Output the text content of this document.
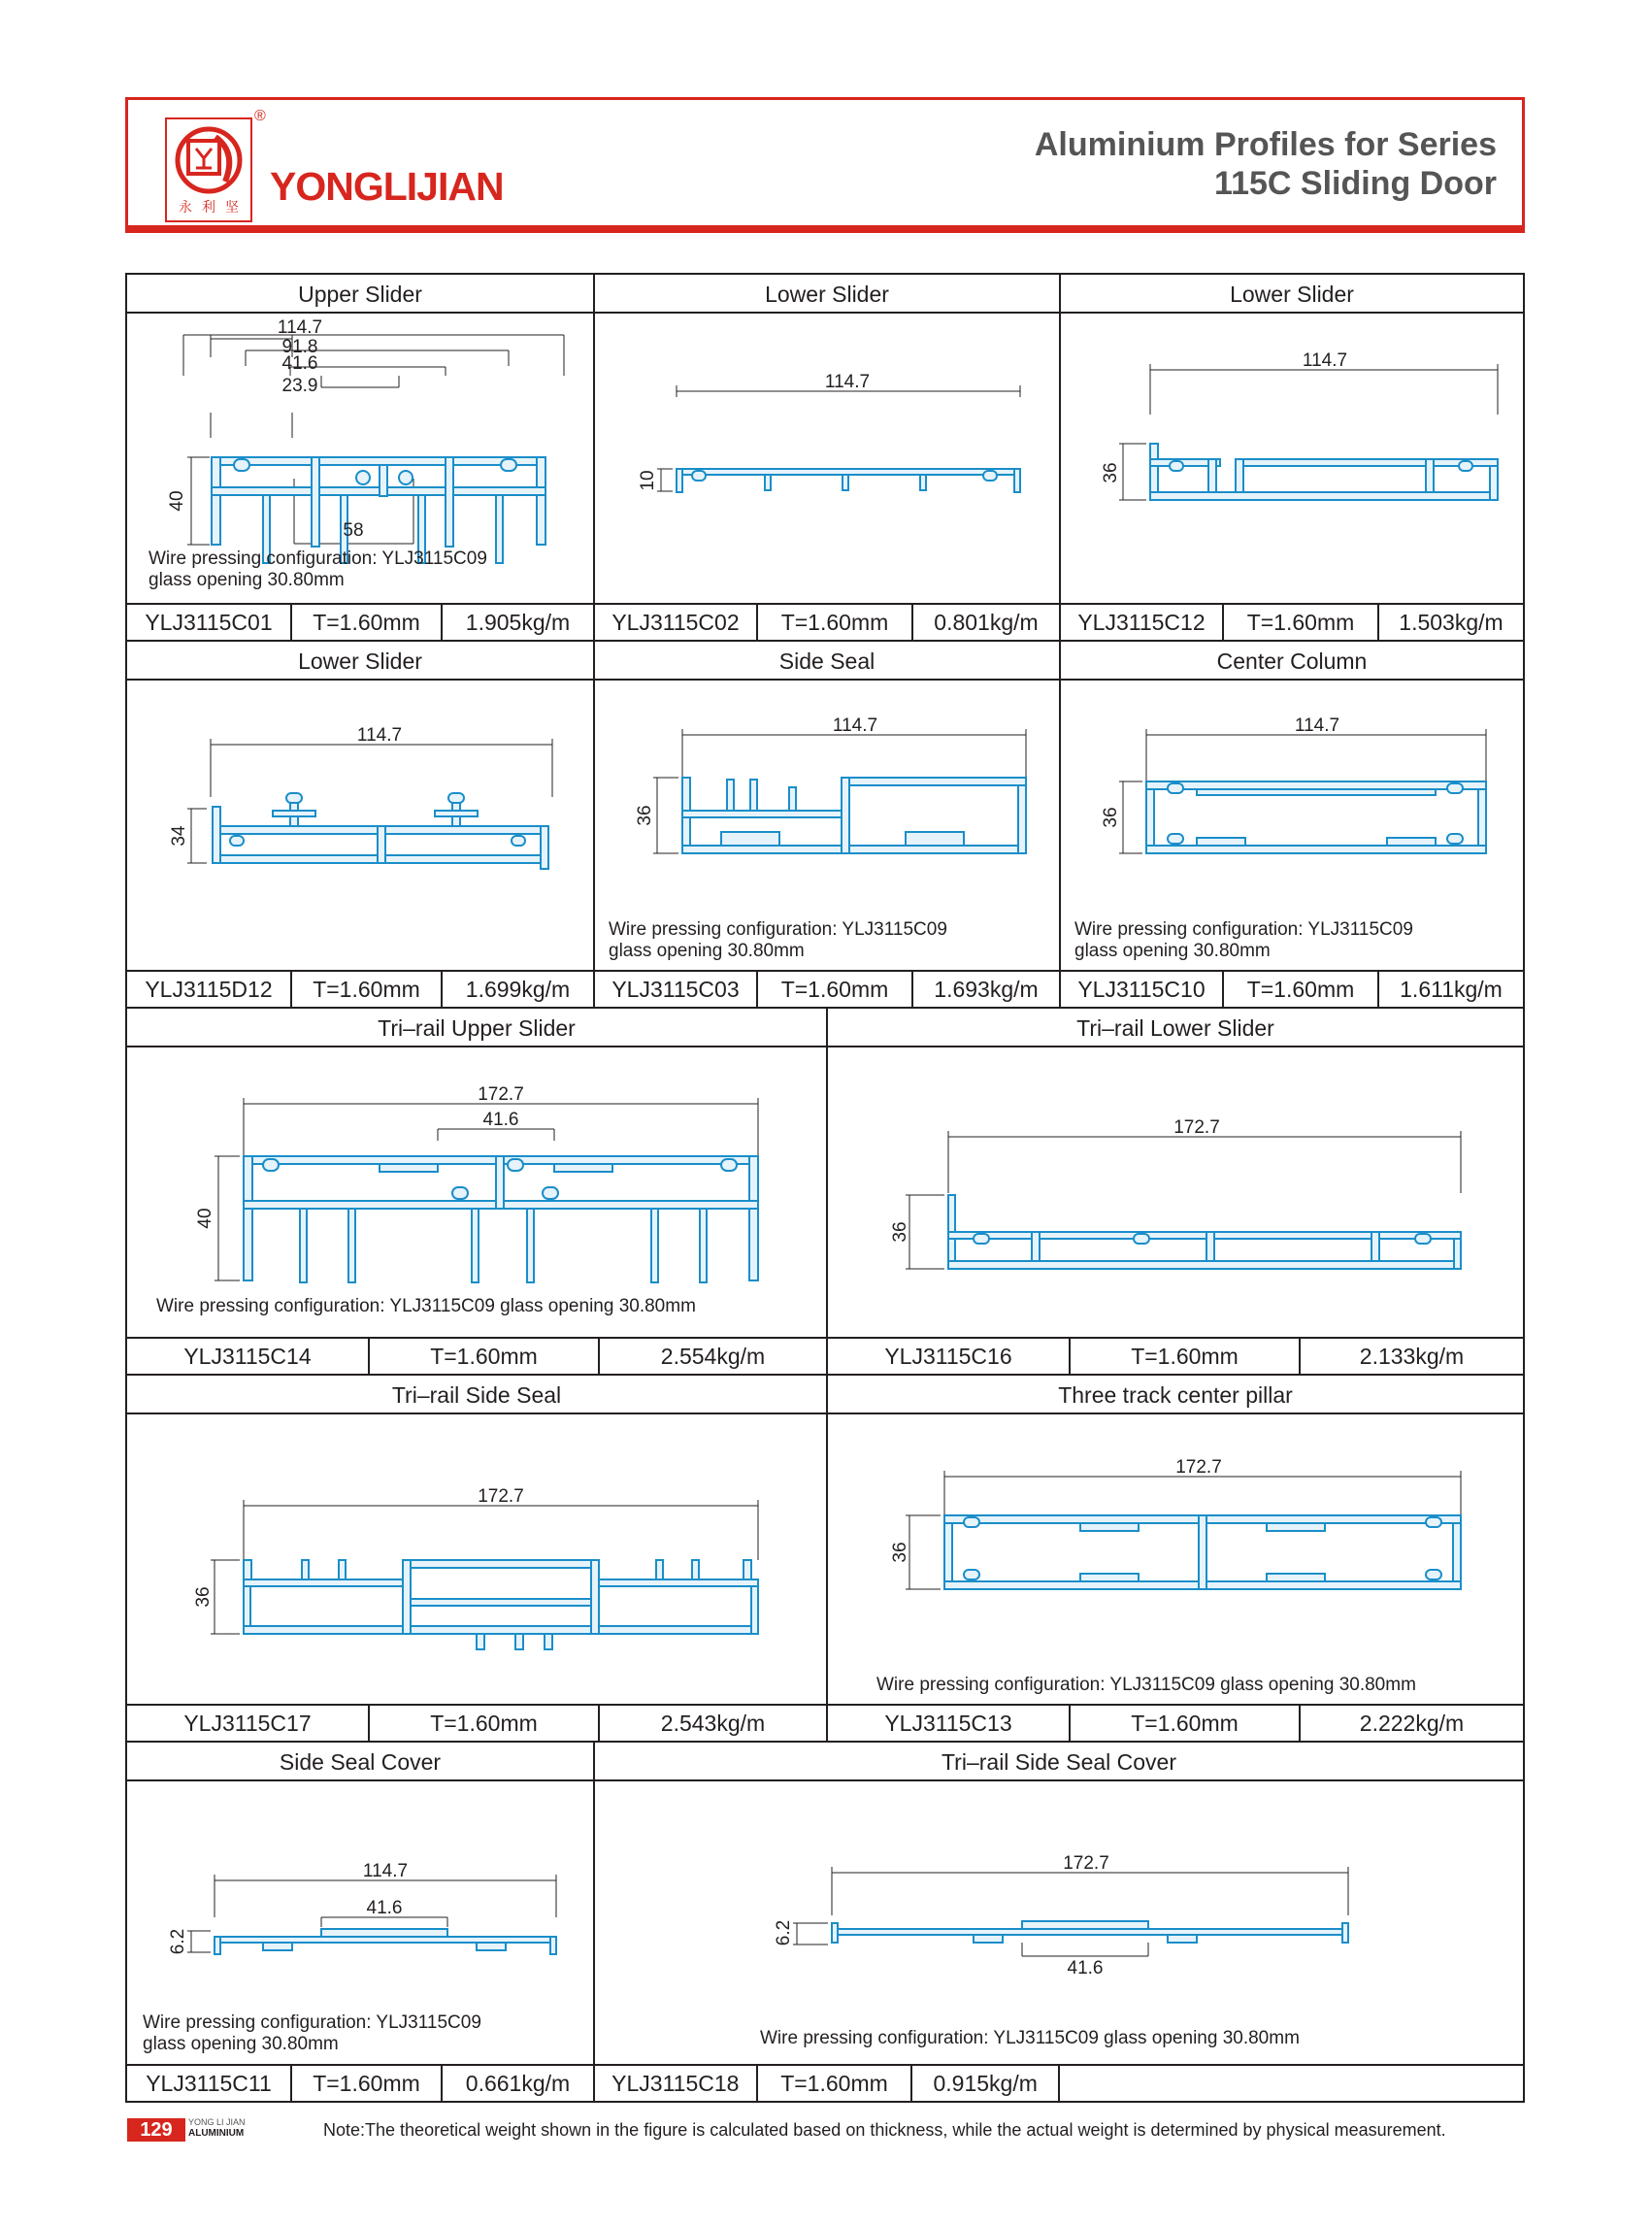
永利坚
®
YONGLIJIAN
Aluminium Profiles for Series
115C Sliding Door
Upper Slider
114.7
91.8
41.6
23.9
40
58
Wire pressing configuration: YLJ3115C09
glass opening 30.80mm
YLJ3115C01	T=1.60mm	1.905kg/m
Lower Slider
114.7
10
YLJ3115C02	T=1.60mm	0.801kg/m
Lower Slider
114.7
36
YLJ3115C12	T=1.60mm	1.503kg/m
Lower Slider
114.7
34
YLJ3115D12	T=1.60mm	1.699kg/m
Side Seal
114.7
36
Wire pressing configuration: YLJ3115C09
glass opening 30.80mm
YLJ3115C03	T=1.60mm	1.693kg/m
Center Column
114.7
36
Wire pressing configuration: YLJ3115C09
glass opening 30.80mm
YLJ3115C10	T=1.60mm	1.611kg/m
Tri–rail Upper Slider
172.7
41.6
40
Wire pressing configuration: YLJ3115C09 glass opening 30.80mm
YLJ3115C14	T=1.60mm	2.554kg/m
Tri–rail Lower Slider
172.7
36
YLJ3115C16	T=1.60mm	2.133kg/m
Tri–rail Side Seal
172.7
36
YLJ3115C17	T=1.60mm	2.543kg/m
Three track center pillar
172.7
36
Wire pressing configuration: YLJ3115C09 glass opening 30.80mm
YLJ3115C13	T=1.60mm	2.222kg/m
Side Seal Cover
114.7
41.6
6.2
Wire pressing configuration: YLJ3115C09
glass opening 30.80mm
YLJ3115C11	T=1.60mm	0.661kg/m
Tri–rail Side Seal Cover
172.7
6.2
41.6
Wire pressing configuration: YLJ3115C09 glass opening 30.80mm
YLJ3115C18	T=1.60mm	0.915kg/m
129	YONG LI JIAN
ALUMINIUM	Note:The theoretical weight shown in the figure is calculated based on thickness, while the actual weight is determined by physical measurement.
